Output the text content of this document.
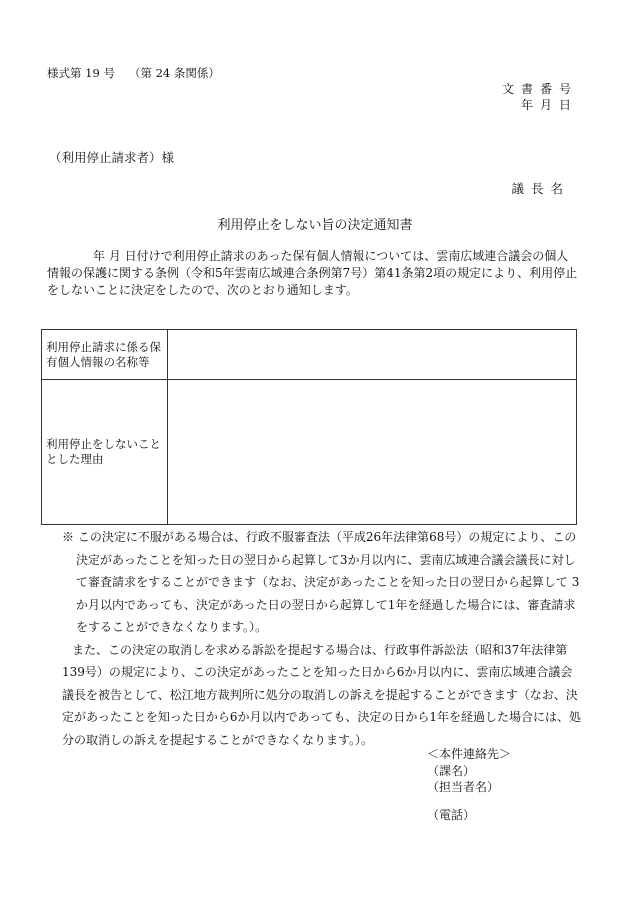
様式第 19 号 （第 24 条関係）
文書番号
年月日
（利用停止請求者）様
議長名
利用停止をしない旨の決定通知書
年 月 日付けで利用停止請求のあった保有個人情報については、雲南広域連合議会の個人情報の保護に関する条例（令和5年雲南広域連合条例第7号）第41条第2項の規定により、利用停止をしないことに決定をしたので、次のとおり通知します。
利用停止請求に係る保有個人情報の名称等	
利用停止をしないこととした理由	

※ この決定に不服がある場合は、行政不服審査法（平成26年法律第68号）の規定により、この決定があったことを知った日の翌日から起算して3か月以内に、雲南広域連合議会議長に対して審査請求をすることができます（なお、決定があったことを知った日の翌日から起算して 3 か月以内であっても、決定があった日の翌日から起算して1年を経過した場合には、審査請求をすることができなくなります。）。

また、この決定の取消しを求める訴訟を提起する場合は、行政事件訴訟法（昭和37年法律第139号）の規定により、この決定があったことを知った日から6か月以内に、雲南広域連合議会議長を被告として、松江地方裁判所に処分の取消しの訴えを提起することができます（なお、決定があったことを知った日から6か月以内であっても、決定の日から1年を経過した場合には、処分の取消しの訴えを提起することができなくなります。）。

＜本件連絡先＞
（課名）
（担当者名）
（電話）
